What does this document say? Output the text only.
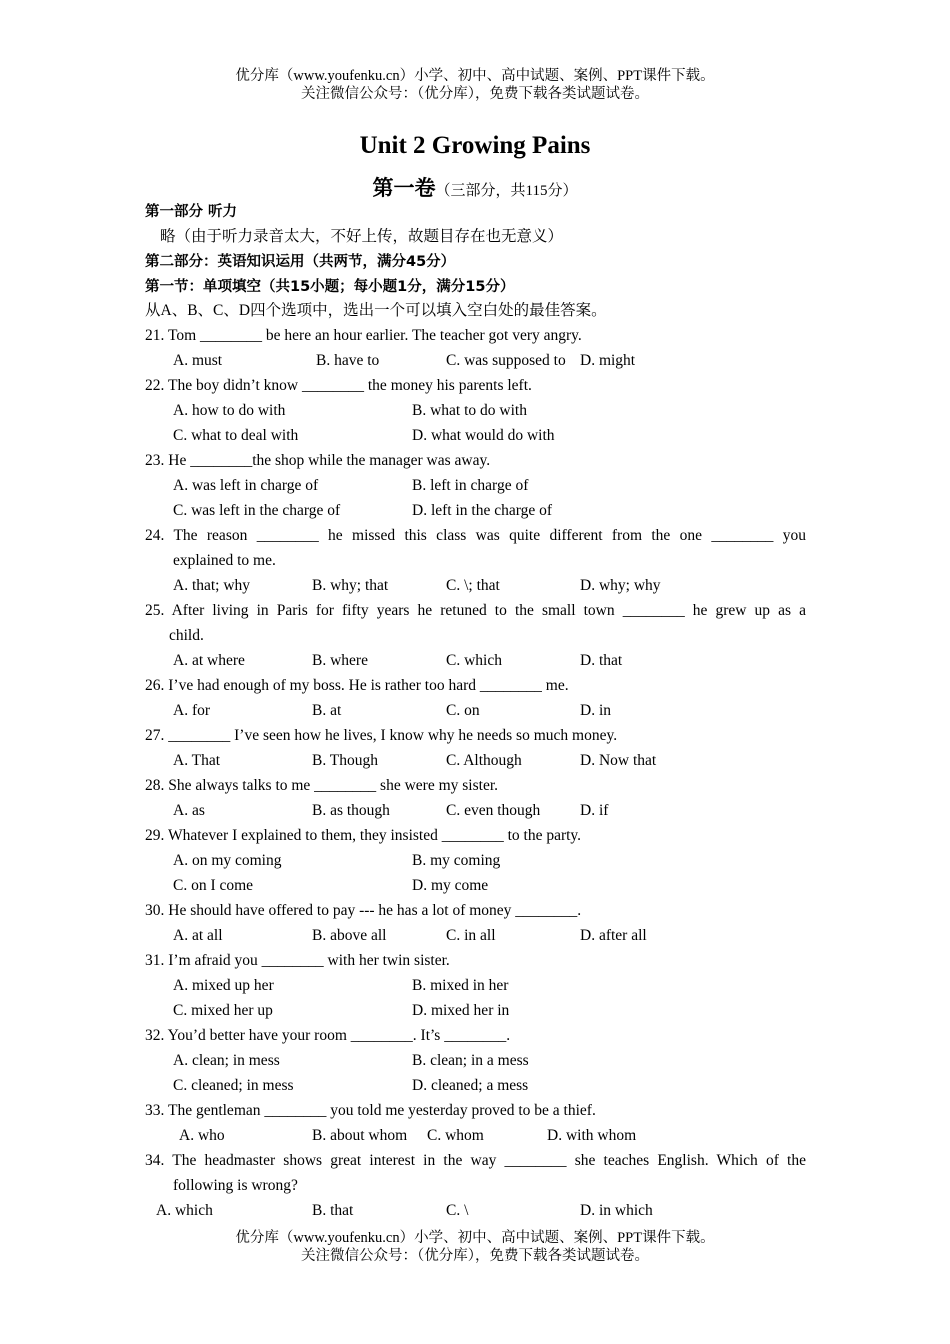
优分库（www.youfenku.cn）小学、初中、高中试题、案例、PPT课件下载。
关注微信公众号：（优分库），免费下载各类试题试卷。
Unit 2 Growing Pains
第一卷（三部分，共115分）
第一部分 听力
略（由于听力录音太大，不好上传，故题目存在也无意义）
第二部分：英语知识运用（共两节，满分45分）
第一节：单项填空（共15小题；每小题1分，满分15分）
从A、B、C、D四个选项中，选出一个可以填入空白处的最佳答案。
21. Tom ________ be here an hour earlier. The teacher got very angry.
A. must	B. have to	C. was supposed to D. might
22. The boy didn’t know ________ the money his parents left.
A. how to do with	B. what to do with
C. what to deal with	D. what would do with
23. He ________the shop while the manager was away.
A. was left in charge of	B. left in charge of
C. was left in the charge of	D. left in the charge of
24. The reason ________ he missed this class was quite different from the one ________ you
explained to me.
A. that; why	B. why; that	C. \; that	D. why; why
25. After living in Paris for fifty years he retuned to the small town ________ he grew up as a
child.
A. at where	B. where	C. which	D. that
26. I’ve had enough of my boss. He is rather too hard ________ me.
A. for	B. at	C. on	D. in
27. ________ I’ve seen how he lives, I know why he needs so much money.
A. That	B. Though	C. Although	D. Now that
28. She always talks to me ________ she were my sister.
A. as	B. as though	C. even though	D. if
29. Whatever I explained to them, they insisted ________ to the party.
A. on my coming	B. my coming
C. on I come	D. my come
30. He should have offered to pay --- he has a lot of money ________.
A. at all	B. above all	C. in all	D. after all
31. I’m afraid you ________ with her twin sister.
A. mixed up her	B. mixed in her
C. mixed her up	D. mixed her in
32. You’d better have your room ________. It’s ________.
A. clean; in mess	B. clean; in a mess
C. cleaned; in mess	D. cleaned; a mess
33. The gentleman ________ you told me yesterday proved to be a thief.
A. who	B. about whom C. whom	D. with whom
34. The headmaster shows great interest in the way ________ she teaches English. Which of the
following is wrong?
A. which	B. that	C. \	D. in which
优分库（www.youfenku.cn）小学、初中、高中试题、案例、PPT课件下载。
关注微信公众号：（优分库），免费下载各类试题试卷。
